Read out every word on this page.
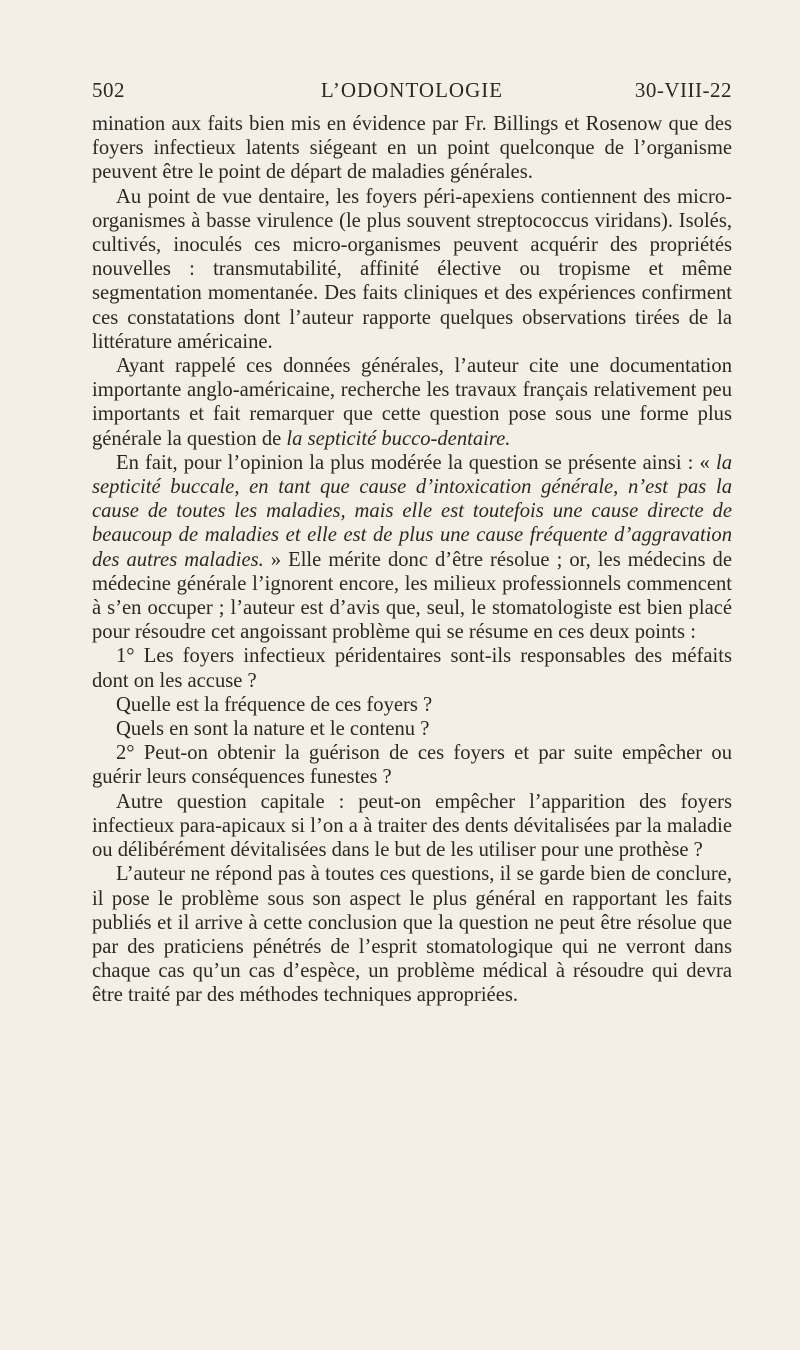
502	L’ODONTOLOGIE	30-VIII-22

mination aux faits bien mis en évidence par Fr. Billings et Rosenow que des foyers infectieux latents siégeant en un point quelconque de l’organisme peuvent être le point de départ de maladies générales.

Au point de vue dentaire, les foyers péri-apexiens contiennent des micro-organismes à basse virulence (le plus souvent streptococcus viridans). Isolés, cultivés, inoculés ces micro-organismes peuvent acquérir des propriétés nouvelles : transmutabilité, affinité élective ou tropisme et même segmentation momentanée. Des faits cliniques et des expériences confirment ces constatations dont l’auteur rapporte quelques observations tirées de la littérature américaine.

Ayant rappelé ces données générales, l’auteur cite une documentation importante anglo-américaine, recherche les travaux français relativement peu importants et fait remarquer que cette question pose sous une forme plus générale la question de la septicité bucco-dentaire.

En fait, pour l’opinion la plus modérée la question se présente ainsi : « la septicité buccale, en tant que cause d’intoxication générale, n’est pas la cause de toutes les maladies, mais elle est toutefois une cause directe de beaucoup de maladies et elle est de plus une cause fréquente d’aggravation des autres maladies. » Elle mérite donc d’être résolue ; or, les médecins de médecine générale l’ignorent encore, les milieux professionnels commencent à s’en occuper ; l’auteur est d’avis que, seul, le stomatologiste est bien placé pour résoudre cet angoissant problème qui se résume en ces deux points :

1° Les foyers infectieux péridentaires sont-ils responsables des méfaits dont on les accuse ?

Quelle est la fréquence de ces foyers ?

Quels en sont la nature et le contenu ?

2° Peut-on obtenir la guérison de ces foyers et par suite empêcher ou guérir leurs conséquences funestes ?

Autre question capitale : peut-on empêcher l’apparition des foyers infectieux para-apicaux si l’on a à traiter des dents dévitalisées par la maladie ou délibérément dévitalisées dans le but de les utiliser pour une prothèse ?

L’auteur ne répond pas à toutes ces questions, il se garde bien de conclure, il pose le problème sous son aspect le plus général en rapportant les faits publiés et il arrive à cette conclusion que la question ne peut être résolue que par des praticiens pénétrés de l’esprit stomatologique qui ne verront dans chaque cas qu’un cas d’espèce, un problème médical à résoudre qui devra être traité par des méthodes techniques appropriées.
